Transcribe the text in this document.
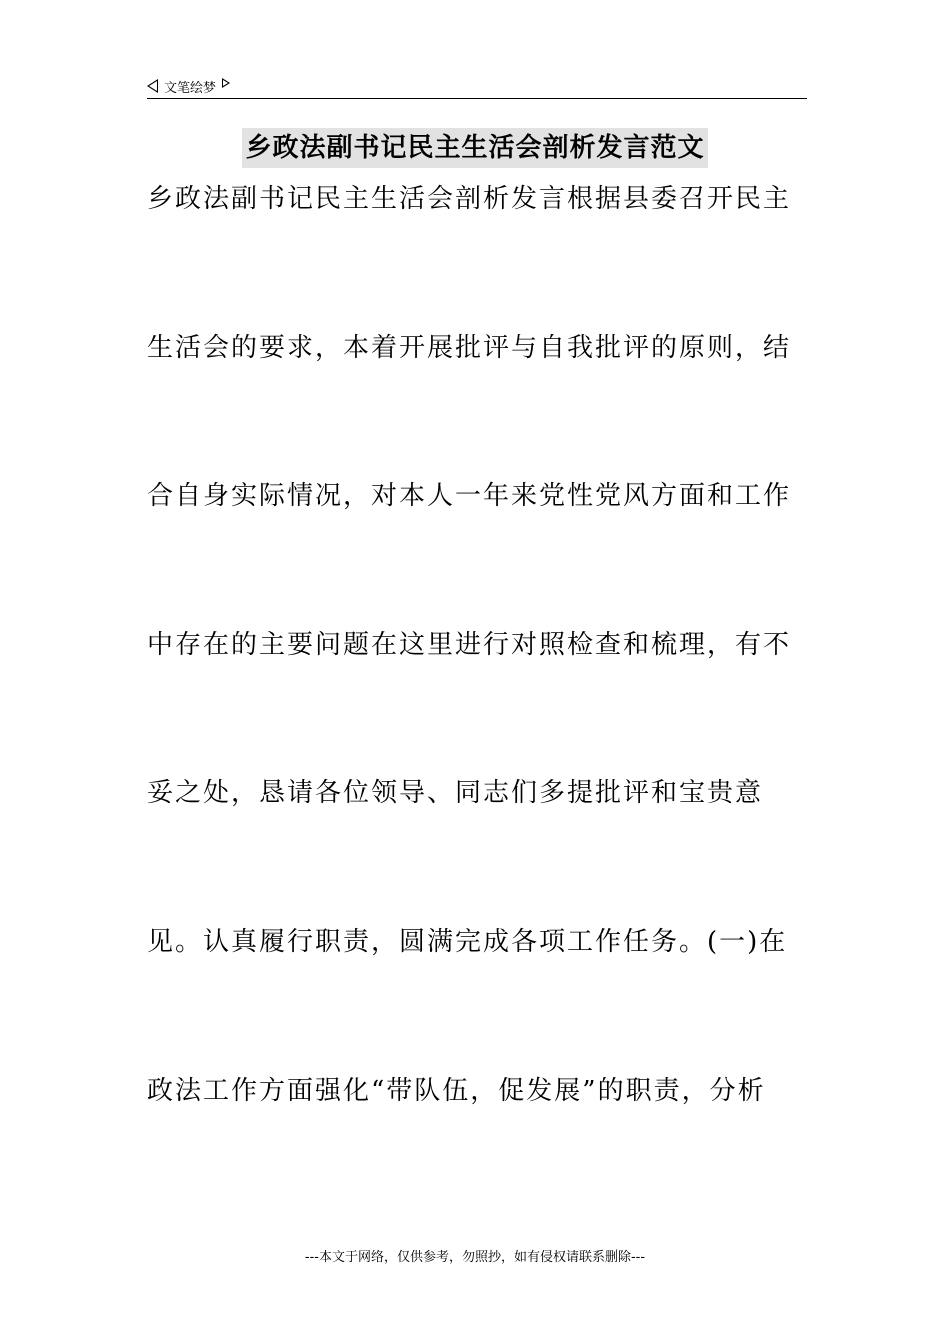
文笔绘梦
乡政法副书记民主生活会剖析发言范文
乡政法副书记民主生活会剖析发言根据县委召开民主
生活会的要求，本着开展批评与自我批评的原则，结
合自身实际情况，对本人一年来党性党风方面和工作
中存在的主要问题在这里进行对照检查和梳理，有不
妥之处，恳请各位领导、同志们多提批评和宝贵意
见。认真履行职责，圆满完成各项工作任务。(一)在
政法工作方面强化“带队伍，促发展”的职责，分析
---本文于网络，仅供参考，勿照抄，如有侵权请联系删除---
